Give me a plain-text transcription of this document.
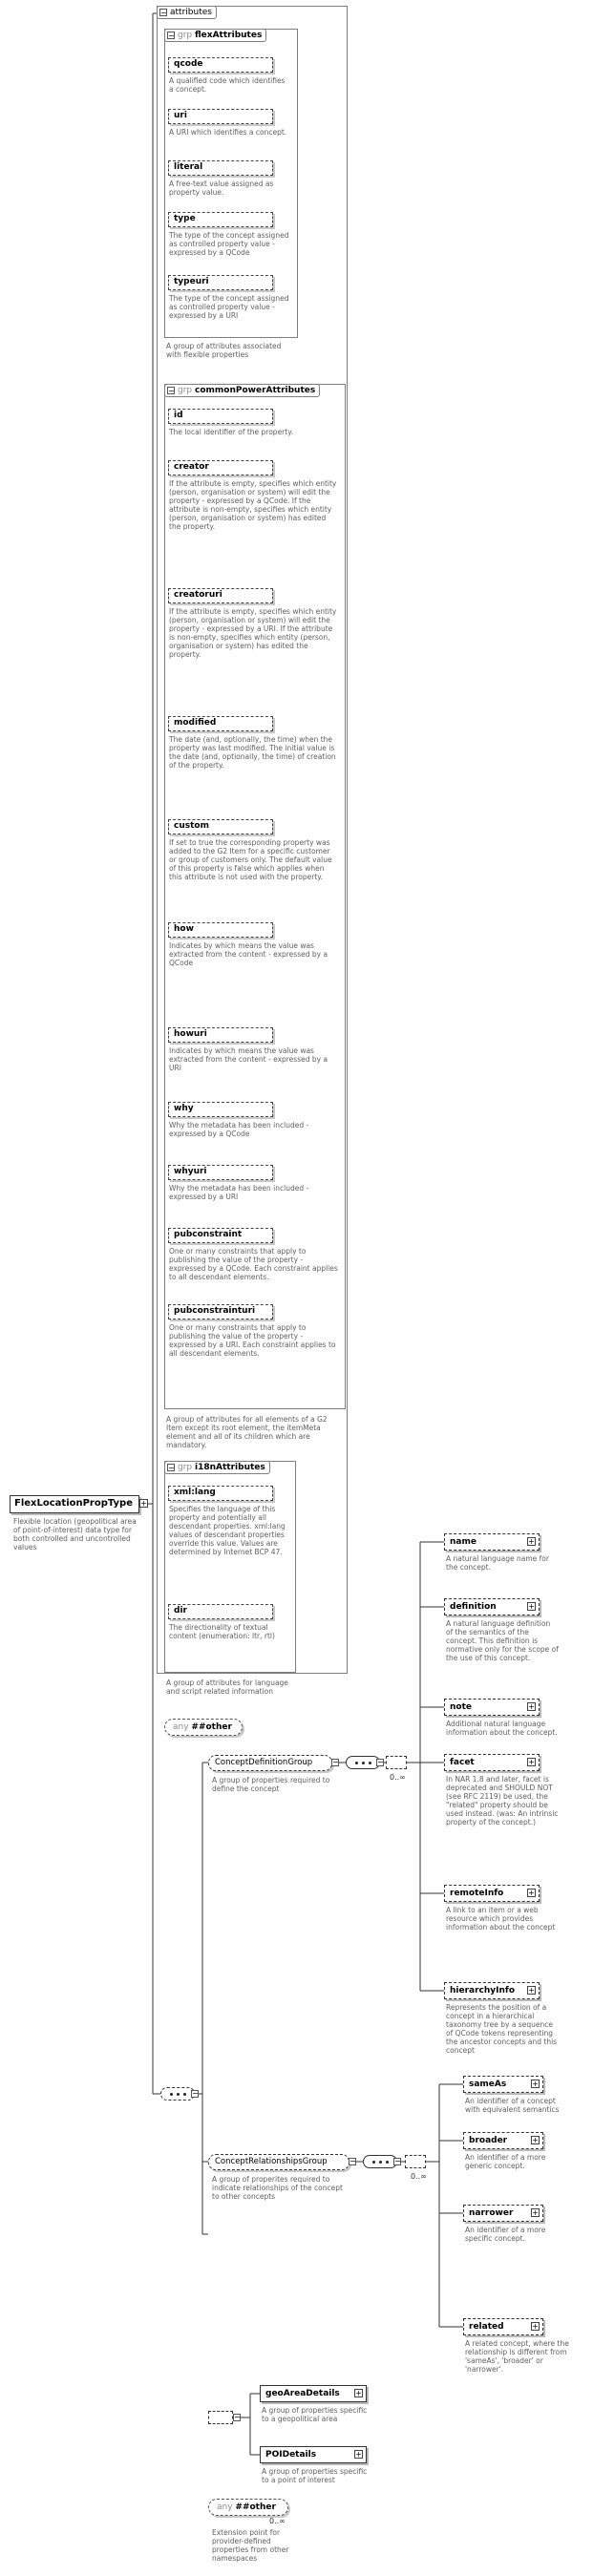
FlexLocationPropType +
Flexible location (geopolitical area of point-of-interest) data type for both controlled and uncontrolled values
− attributes
− grp flexAttributes
qcode
A qualified code which identifies a concept.
uri
A URI which identifies a concept.
literal
A free-text value assigned as property value.
type
The type of the concept assigned as controlled property value - expressed by a QCode
typeuri
The type of the concept assigned as controlled property value - expressed by a URI
A group of attributes associated with flexible properties
− grp commonPowerAttributes
id
The local identifier of the property.
creator
If the attribute is empty, specifies which entity (person, organisation or system) will edit the property - expressed by a QCode. If the attribute is non-empty, specifies which entity (person, organisation or system) has edited the property.
creatoruri
If the attribute is empty, specifies which entity (person, organisation or system) will edit the property - expressed by a URI. If the attribute is non-empty, specifies which entity (person, organisation or system) has edited the property.
modified
The date (and, optionally, the time) when the property was last modified. The initial value is the date (and, optionally, the time) of creation of the property.
custom
If set to true the corresponding property was added to the G2 Item for a specific customer or group of customers only. The default value of this property is false which applies when this attribute is not used with the property.
how
Indicates by which means the value was extracted from the content - expressed by a QCode
howuri
Indicates by which means the value was extracted from the content - expressed by a URI
why
Why the metadata has been included - expressed by a QCode
whyuri
Why the metadata has been included - expressed by a URI
pubconstraint
One or many constraints that apply to publishing the value of the property - expressed by a QCode. Each constraint applies to all descendant elements.
pubconstrainturi
One or many constraints that apply to publishing the value of the property - expressed by a URI. Each constraint applies to all descendant elements.
A group of attributes for all elements of a G2 Item except its root element, the itemMeta element and all of its children which are mandatory.
− grp i18nAttributes
xml:lang
Specifies the language of this property and potentially all descendant properties. xml:lang values of descendant properties override this value. Values are determined by Internet BCP 47.
dir
The directionality of textual content (enumeration: ltr, rtl)
A group of attributes for language and script related information
any ##other
−
ConceptDefinitionGroup	−
A group of properties required to define the concept
−
0..∞
name	+
A natural language name for the concept.
definition	+
A natural language definition of the semantics of the concept. This definition is normative only for the scope of the use of this concept.
note	+
Additional natural language information about the concept.
facet	+
In NAR 1.8 and later, facet is deprecated and SHOULD NOT (see RFC 2119) be used, the "related" property should be used instead. (was: An intrinsic property of the concept.)
remoteInfo	+
A link to an item or a web resource which provides information about the concept
hierarchyInfo +
Represents the position of a concept in a hierarchical taxonomy tree by a sequence of QCode tokens representing the ancestor concepts and this concept
ConceptRelationshipsGroup	−
A group of properites required to indicate relationships of the concept to other concepts
−
0..∞
sameAs	+
An identifier of a concept with equivalent semantics
broader	+
An identifier of a more generic concept.
narrower +
An identifier of a more specific concept.
related	+
A related concept, where the relationship is different from 'sameAs', 'broader' or 'narrower'.
−
geoAreaDetails +
A group of properties specific to a geopolitical area
POIDetails	+
A group of properties specific to a point of interest
any ##other
0..∞
Extension point for provider-defined properties from other namespaces
